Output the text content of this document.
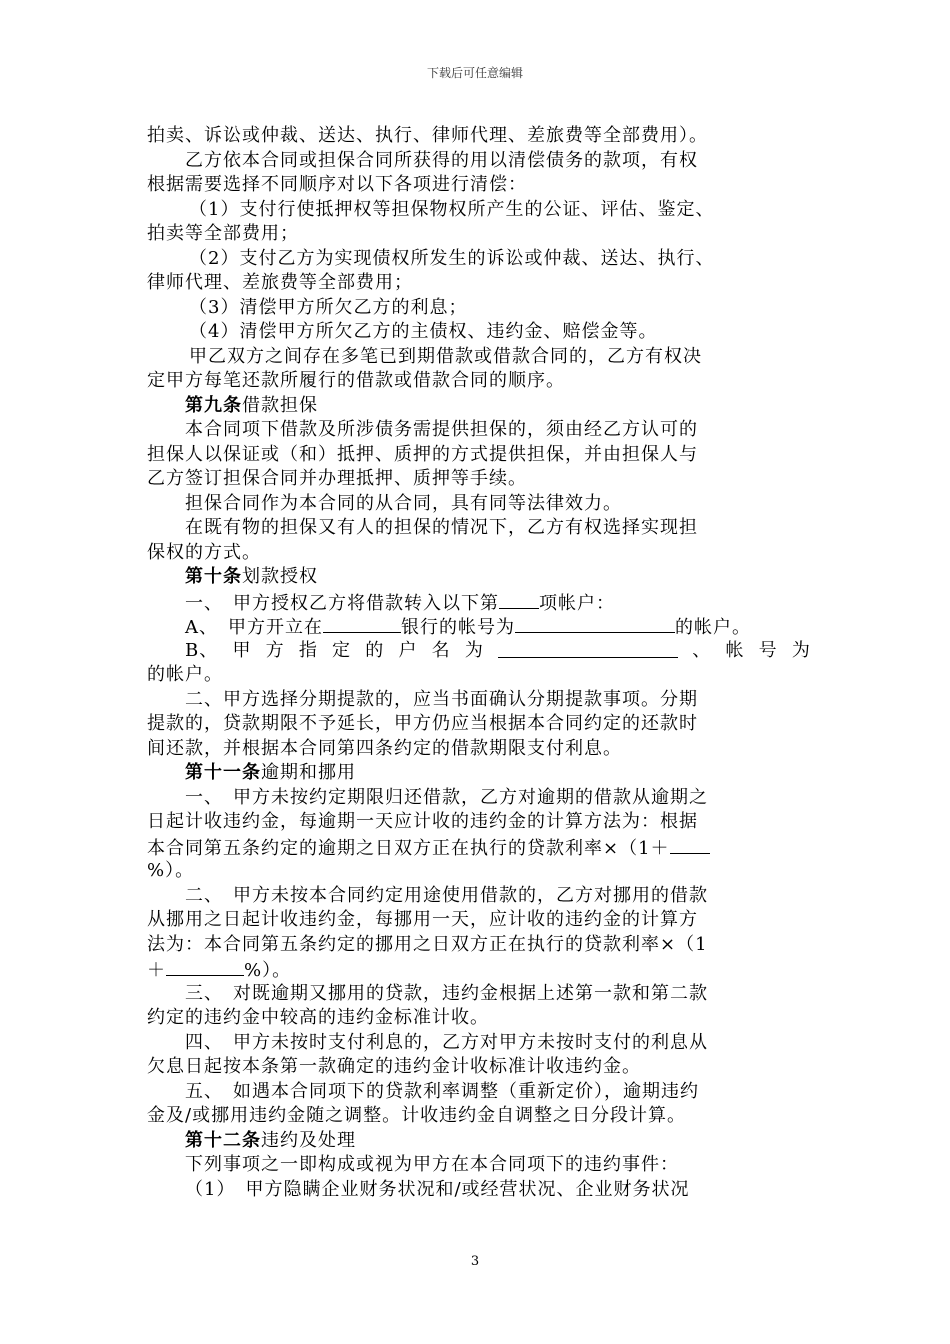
下载后可任意编辑
拍卖、诉讼或仲裁、送达、执行、律师代理、差旅费等全部费用）。
乙方依本合同或担保合同所获得的用以清偿债务的款项，有权
根据需要选择不同顺序对以下各项进行清偿：
（1）支付行使抵押权等担保物权所产生的公证、评估、鉴定、
拍卖等全部费用；
（2）支付乙方为实现债权所发生的诉讼或仲裁、送达、执行、
律师代理、差旅费等全部费用；
（3）清偿甲方所欠乙方的利息；
（4）清偿甲方所欠乙方的主债权、违约金、赔偿金等。
甲乙双方之间存在多笔已到期借款或借款合同的，乙方有权决
定甲方每笔还款所履行的借款或借款合同的顺序。
第九条借款担保
本合同项下借款及所涉债务需提供担保的，须由经乙方认可的
担保人以保证或（和）抵押、质押的方式提供担保，并由担保人与
乙方签订担保合同并办理抵押、质押等手续。
担保合同作为本合同的从合同，具有同等法律效力。
在既有物的担保又有人的担保的情况下，乙方有权选择实现担
保权的方式。
第十条划款授权
一、　甲方授权乙方将借款转入以下第 项帐户：
A、　甲方开立在	银行的帐号为	的帐户。
B、 甲 方 指 定 的 户 名 为	、 帐 号 为
的帐户。
二、甲方选择分期提款的，应当书面确认分期提款事项。分期
提款的，贷款期限不予延长，甲方仍应当根据本合同约定的还款时
间还款，并根据本合同第四条约定的借款期限支付利息。
第十一条逾期和挪用
一、　甲方未按约定期限归还借款，乙方对逾期的借款从逾期之
日起计收违约金，每逾期一天应计收的违约金的计算方法为：根据
本合同第五条约定的逾期之日双方正在执行的贷款利率×（1＋
%）。
二、　甲方未按本合同约定用途使用借款的，乙方对挪用的借款
从挪用之日起计收违约金，每挪用一天，应计收的违约金的计算方
法为：本合同第五条约定的挪用之日双方正在执行的贷款利率×（1
＋	%）。
三、　对既逾期又挪用的贷款，违约金根据上述第一款和第二款
约定的违约金中较高的违约金标准计收。
四、　甲方未按时支付利息的，乙方对甲方未按时支付的利息从
欠息日起按本条第一款确定的违约金计收标准计收违约金。
五、　如遇本合同项下的贷款利率调整（重新定价），逾期违约
金及/或挪用违约金随之调整。计收违约金自调整之日分段计算。
第十二条违约及处理
下列事项之一即构成或视为甲方在本合同项下的违约事件：
（1）　甲方隐瞒企业财务状况和/或经营状况、企业财务状况
3
